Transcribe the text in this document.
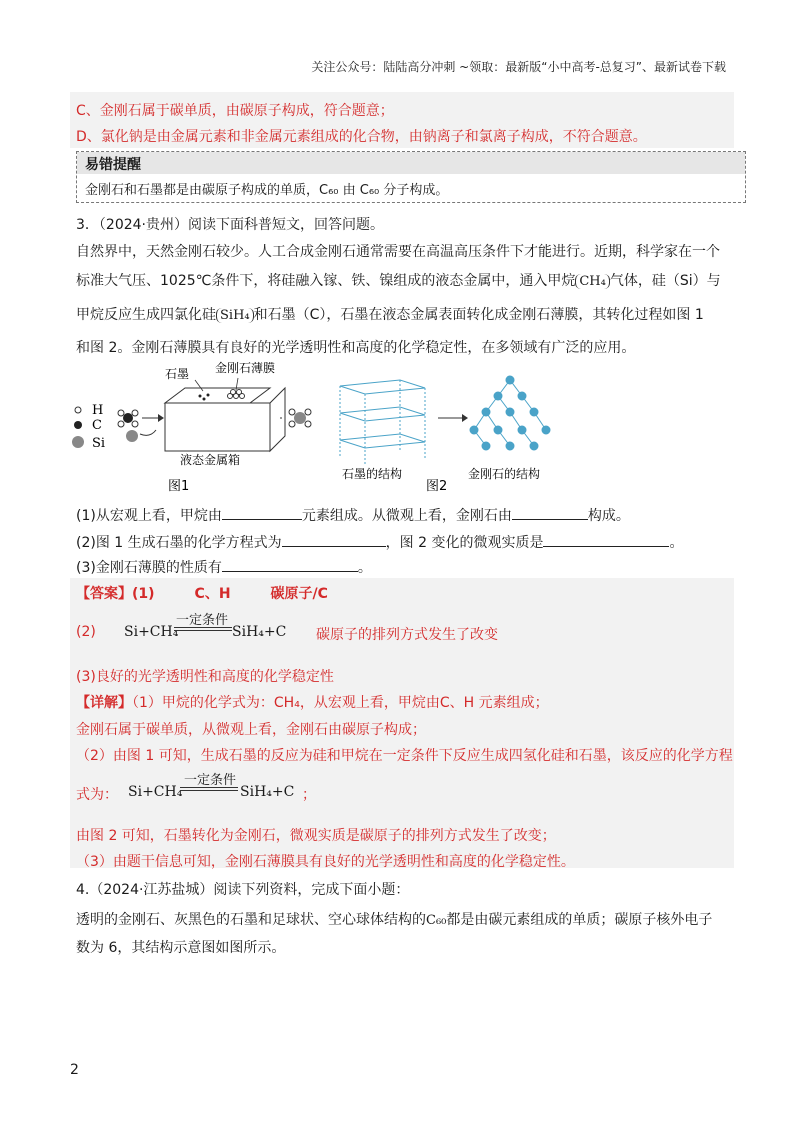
关注公众号：陆陆高分冲刺 ~领取：最新版“小中高考-总复习”、最新试卷下载
C、金刚石属于碳单质，由碳原子构成，符合题意；
D、氯化钠是由金属元素和非金属元素组成的化合物，由钠离子和氯离子构成，不符合题意。
易错提醒
金刚石和石墨都是由碳原子构成的单质，C₆₀ 由 C₆₀ 分子构成。
3．（2024·贵州）阅读下面科普短文，回答问题。
自然界中，天然金刚石较少。人工合成金刚石通常需要在高温高压条件下才能进行。近期，科学家在一个
标准大气压、1025℃条件下，将硅融入镓、铁、镍组成的液态金属中，通入甲烷 CH₄ 气体，硅（Si）与
甲烷反应生成四氯化硅 SiH₄ 和石墨（C），石墨在液态金属表面转化成金刚石薄膜，其转化过程如图 1
和图 2。金刚石薄膜具有良好的光学透明性和高度的化学稳定性，在多领域有广泛的应用。
H
C
Si
石墨 金刚石薄膜
液态金属箱
图1
石墨的结构
图2
金刚石的结构
(1)从宏观上看，甲烷由	元素组成。从微观上看，金刚石由	构成。
(2)图 1 生成石墨的化学方程式为	，图 2 变化的微观实质是	。
(3)金刚石薄膜的性质有	。
【答案】(1)	C、H	碳原子/C
(2) Si+CH₄
一定条件
SiH₄+C 碳原子的排列方式发生了改变
(3)良好的光学透明性和高度的化学稳定性
【详解】（1）甲烷的化学式为：CH₄，从宏观上看，甲烷由C、H 元素组成；
金刚石属于碳单质，从微观上看，金刚石由碳原子构成；
（2）由图 1 可知，生成石墨的反应为硅和甲烷在一定条件下反应生成四氢化硅和石墨，该反应的化学方程
式为： Si+CH₄
一定条件
SiH₄+C ；
由图 2 可知，石墨转化为金刚石，微观实质是碳原子的排列方式发生了改变；
（3）由题干信息可知，金刚石薄膜具有良好的光学透明性和高度的化学稳定性。
4.（2024·江苏盐城）阅读下列资料，完成下面小题：
透明的金刚石、灰黑色的石墨和足球状、空心球体结构的C₆₀都是由碳元素组成的单质；碳原子核外电子
数为 6，其结构示意图如图所示。
2
